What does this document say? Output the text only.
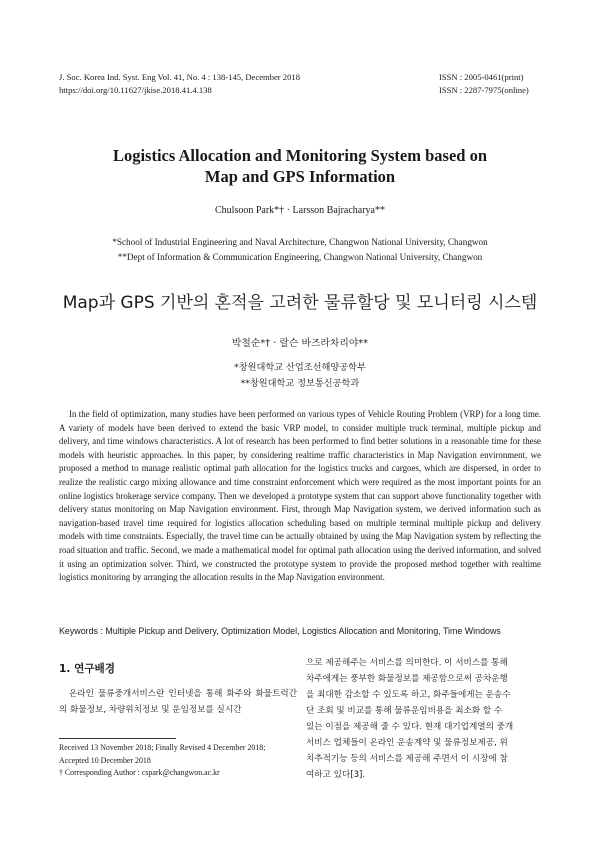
J. Soc. Korea Ind. Syst. Eng Vol. 41, No. 4 : 138-145, December 2018
https://doi.org/10.11627/jkise.2018.41.4.138
ISSN : 2005-0461(print)
ISSN : 2287-7975(online)
Logistics Allocation and Monitoring System based on
Map and GPS Information
Chulsoon Park*† · Larsson Bajracharya**
*School of Industrial Engineering and Naval Architecture, Changwon National University, Changwon
**Dept of Information & Communication Engineering, Changwon National University, Changwon
Map과 GPS 기반의 혼적을 고려한 물류할당 및 모니터링 시스템
박철순*† · 랄슨 바즈라차리야**
*창원대학교 산업조선해양공학부
**창원대학교 정보통신공학과
In the field of optimization, many studies have been performed on various types of Vehicle Routing Problem (VRP) for a long time. A variety of models have been derived to extend the basic VRP model, to consider multiple truck terminal, multiple pickup and delivery, and time windows characteristics. A lot of research has been performed to find better solutions in a reasonable time for these models with heuristic approaches. In this paper, by considering realtime traffic characteristics in Map Navigation environment, we proposed a method to manage realistic optimal path allocation for the logistics trucks and cargoes, which are dispersed, in order to realize the realistic cargo mixing allowance and time constraint enforcement which were required as the most important points for an online logistics brokerage service company. Then we developed a prototype system that can support above functionality together with delivery status monitoring on Map Navigation environment. First, through Map Navigation system, we derived information such as navigation-based travel time required for logistics allocation scheduling based on multiple terminal multiple pickup and delivery models with time constraints. Especially, the travel time can be actually obtained by using the Map Navigation system by reflecting the road situation and traffic. Second, we made a mathematical model for optimal path allocation using the derived information, and solved it using an optimization solver. Third, we constructed the prototype system to provide the proposed method together with realtime logistics monitoring by arranging the allocation results in the Map Navigation environment.
Keywords : Multiple Pickup and Delivery, Optimization Model, Logistics Allocation and Monitoring, Time Windows
1. 연구배경
온라인 물류중개서비스란 인터넷을 통해 화주와 화물트럭간의 화물정보, 차량위치정보 및 운임정보를 실시간
Received 13 November 2018; Finally Revised 4 December 2018;
Accepted 10 December 2018
† Corresponding Author : cspark@changwon.ac.kr
으로 제공해주는 서비스를 의미한다. 이 서비스를 통해
차주에게는 풍부한 화물정보를 제공함으로써 공차운행
을 최대한 감소할 수 있도록 하고, 화주들에게는 운송수
단 조회 및 비교를 통해 물류운임비용을 최소화 할 수
있는 이점을 제공해 줄 수 있다. 현재 대기업계열의 중개
서비스 업체들이 온라인 운송계약 및 물류정보제공, 위
치추적기능 등의 서비스를 제공해 주면서 이 시장에 참
여하고 있다[3].
